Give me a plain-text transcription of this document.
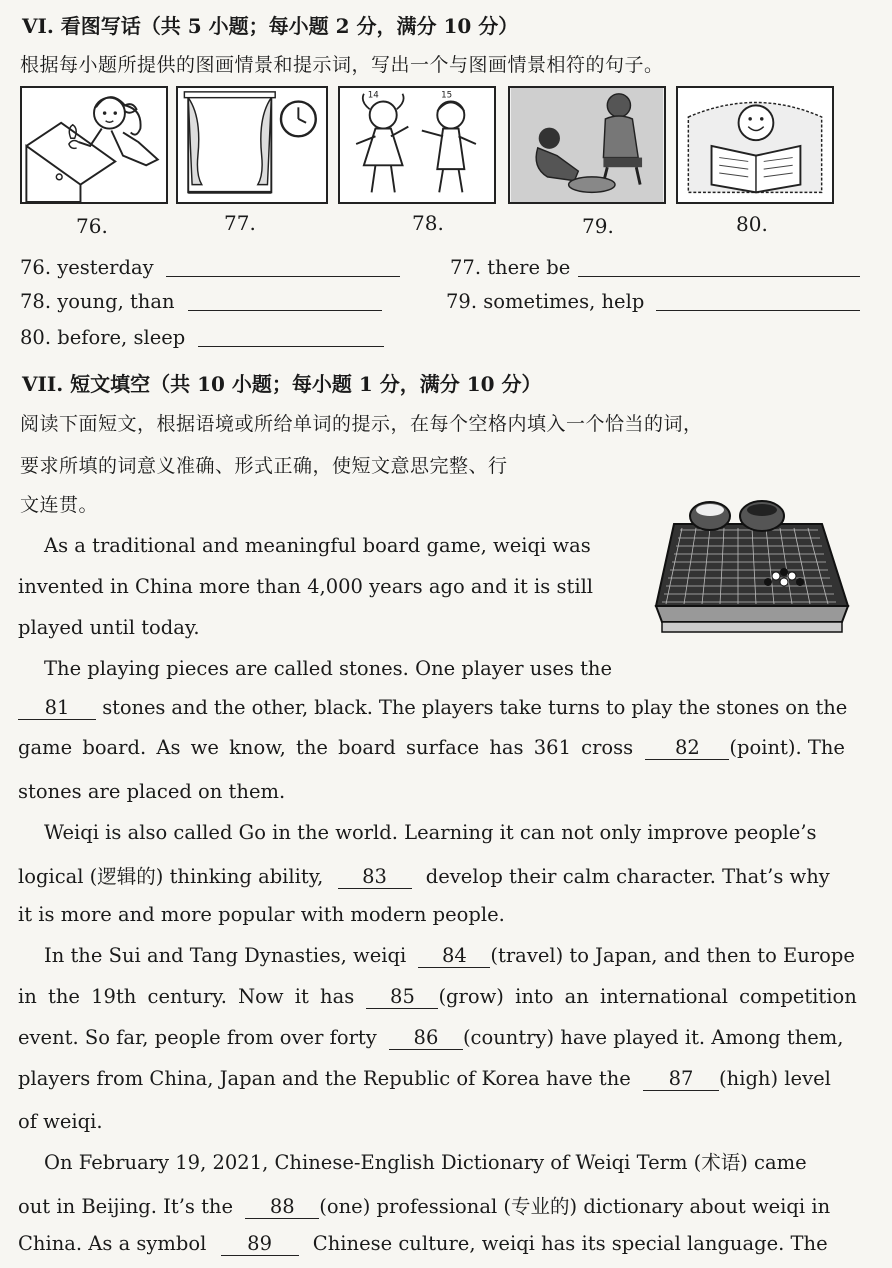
VI. 看图写话（共 5 小题；每小题 2 分，满分 10 分）
根据每小题所提供的图画情景和提示词，写出一个与图画情景相符的句子。
14	15
76.	77.	78.	79.	80.
76. yesterday	77. there be
78. young, than	79. sometimes, help
80. before, sleep
VII. 短文填空（共 10 小题；每小题 1 分，满分 10 分）
阅读下面短文，根据语境或所给单词的提示，在每个空格内填入一个恰当的词，
要求所填的词意义准确、形式正确，使短文意思完整、行
文连贯。
As a traditional and meaningful board game, weiqi was
invented in China more than 4,000 years ago and it is still
played until today.
The playing pieces are called stones. One player uses the
81 stones and the other, black. The players take turns to play the stones on the
game board. As we know, the board surface has 361 cross 82 (point). The
stones are placed on them.
Weiqi is also called Go in the world. Learning it can not only improve people’s
logical (逻辑的) thinking ability, 83 develop their calm character. That’s why
it is more and more popular with modern people.
In the Sui and Tang Dynasties, weiqi 84 (travel) to Japan, and then to Europe
in the 19th century. Now it has 85 (grow) into an international competition
event. So far, people from over forty 86 (country) have played it. Among them,
players from China, Japan and the Republic of Korea have the 87 (high) level
of weiqi.
On February 19, 2021, Chinese-English Dictionary of Weiqi Term (术语) came
out in Beijing. It’s the 88 (one) professional (专业的) dictionary about weiqi in
China. As a symbol 89 Chinese culture, weiqi has its special language. The
